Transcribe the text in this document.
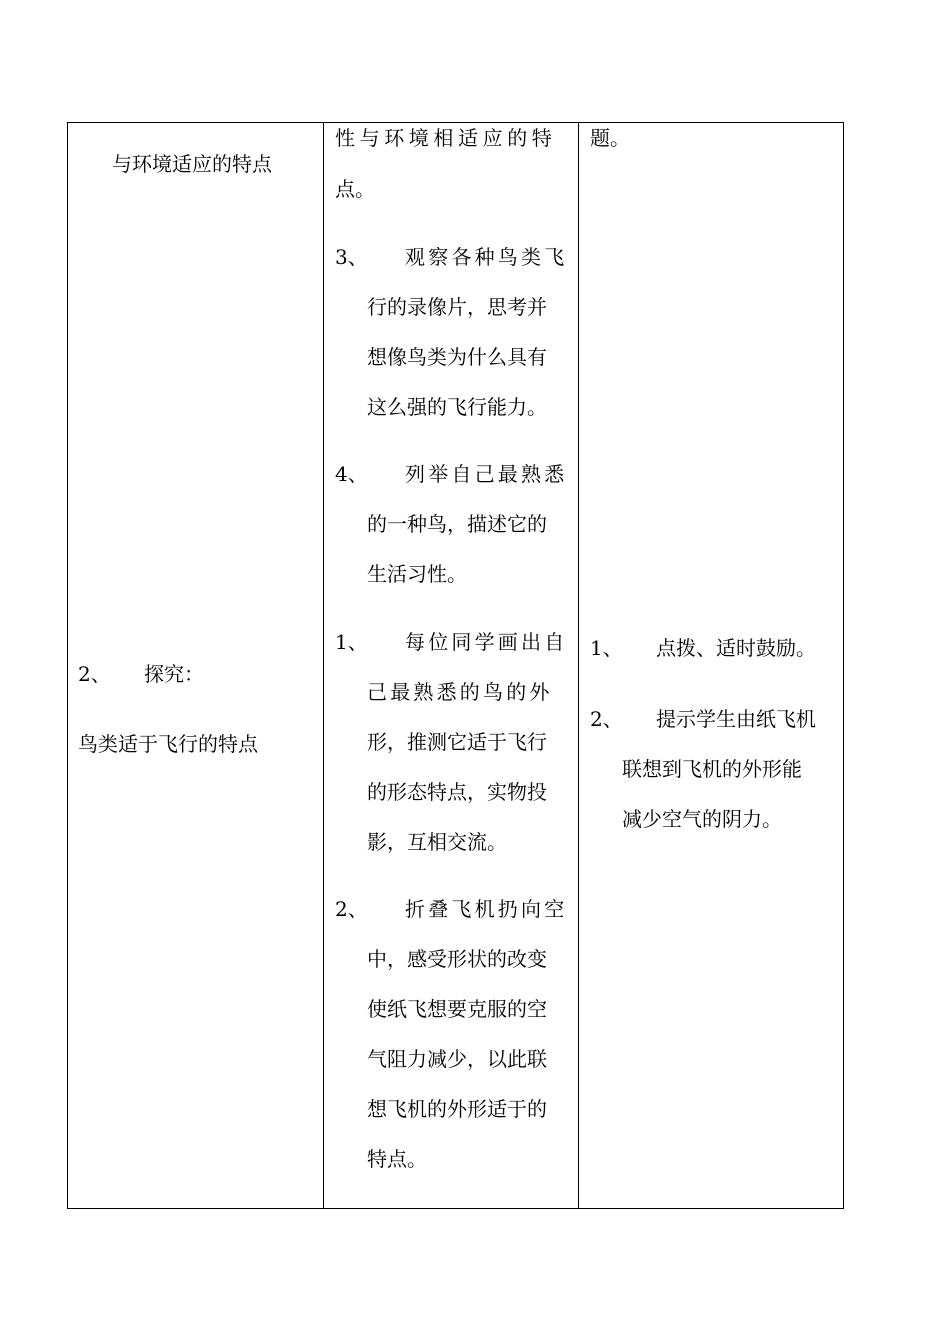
与环境适应的特点
2、 探究：
鸟类适于飞行的特点
性与环境相适应的特
点。
3、 观察各种鸟类飞
行的录像片，思考并
想像鸟类为什么具有
这么强的飞行能力。
4、 列举自己最熟悉
的一种鸟，描述它的
生活习性。
1、 每位同学画出自
己最熟悉的鸟的外
形，推测它适于飞行
的形态特点，实物投
影，互相交流。
2、 折叠飞机扔向空
中，感受形状的改变
使纸飞想要克服的空
气阻力减少，以此联
想飞机的外形适于的
特点。
题。
1、 点拨、适时鼓励。
2、 提示学生由纸飞机
联想到飞机的外形能
减少空气的阴力。
